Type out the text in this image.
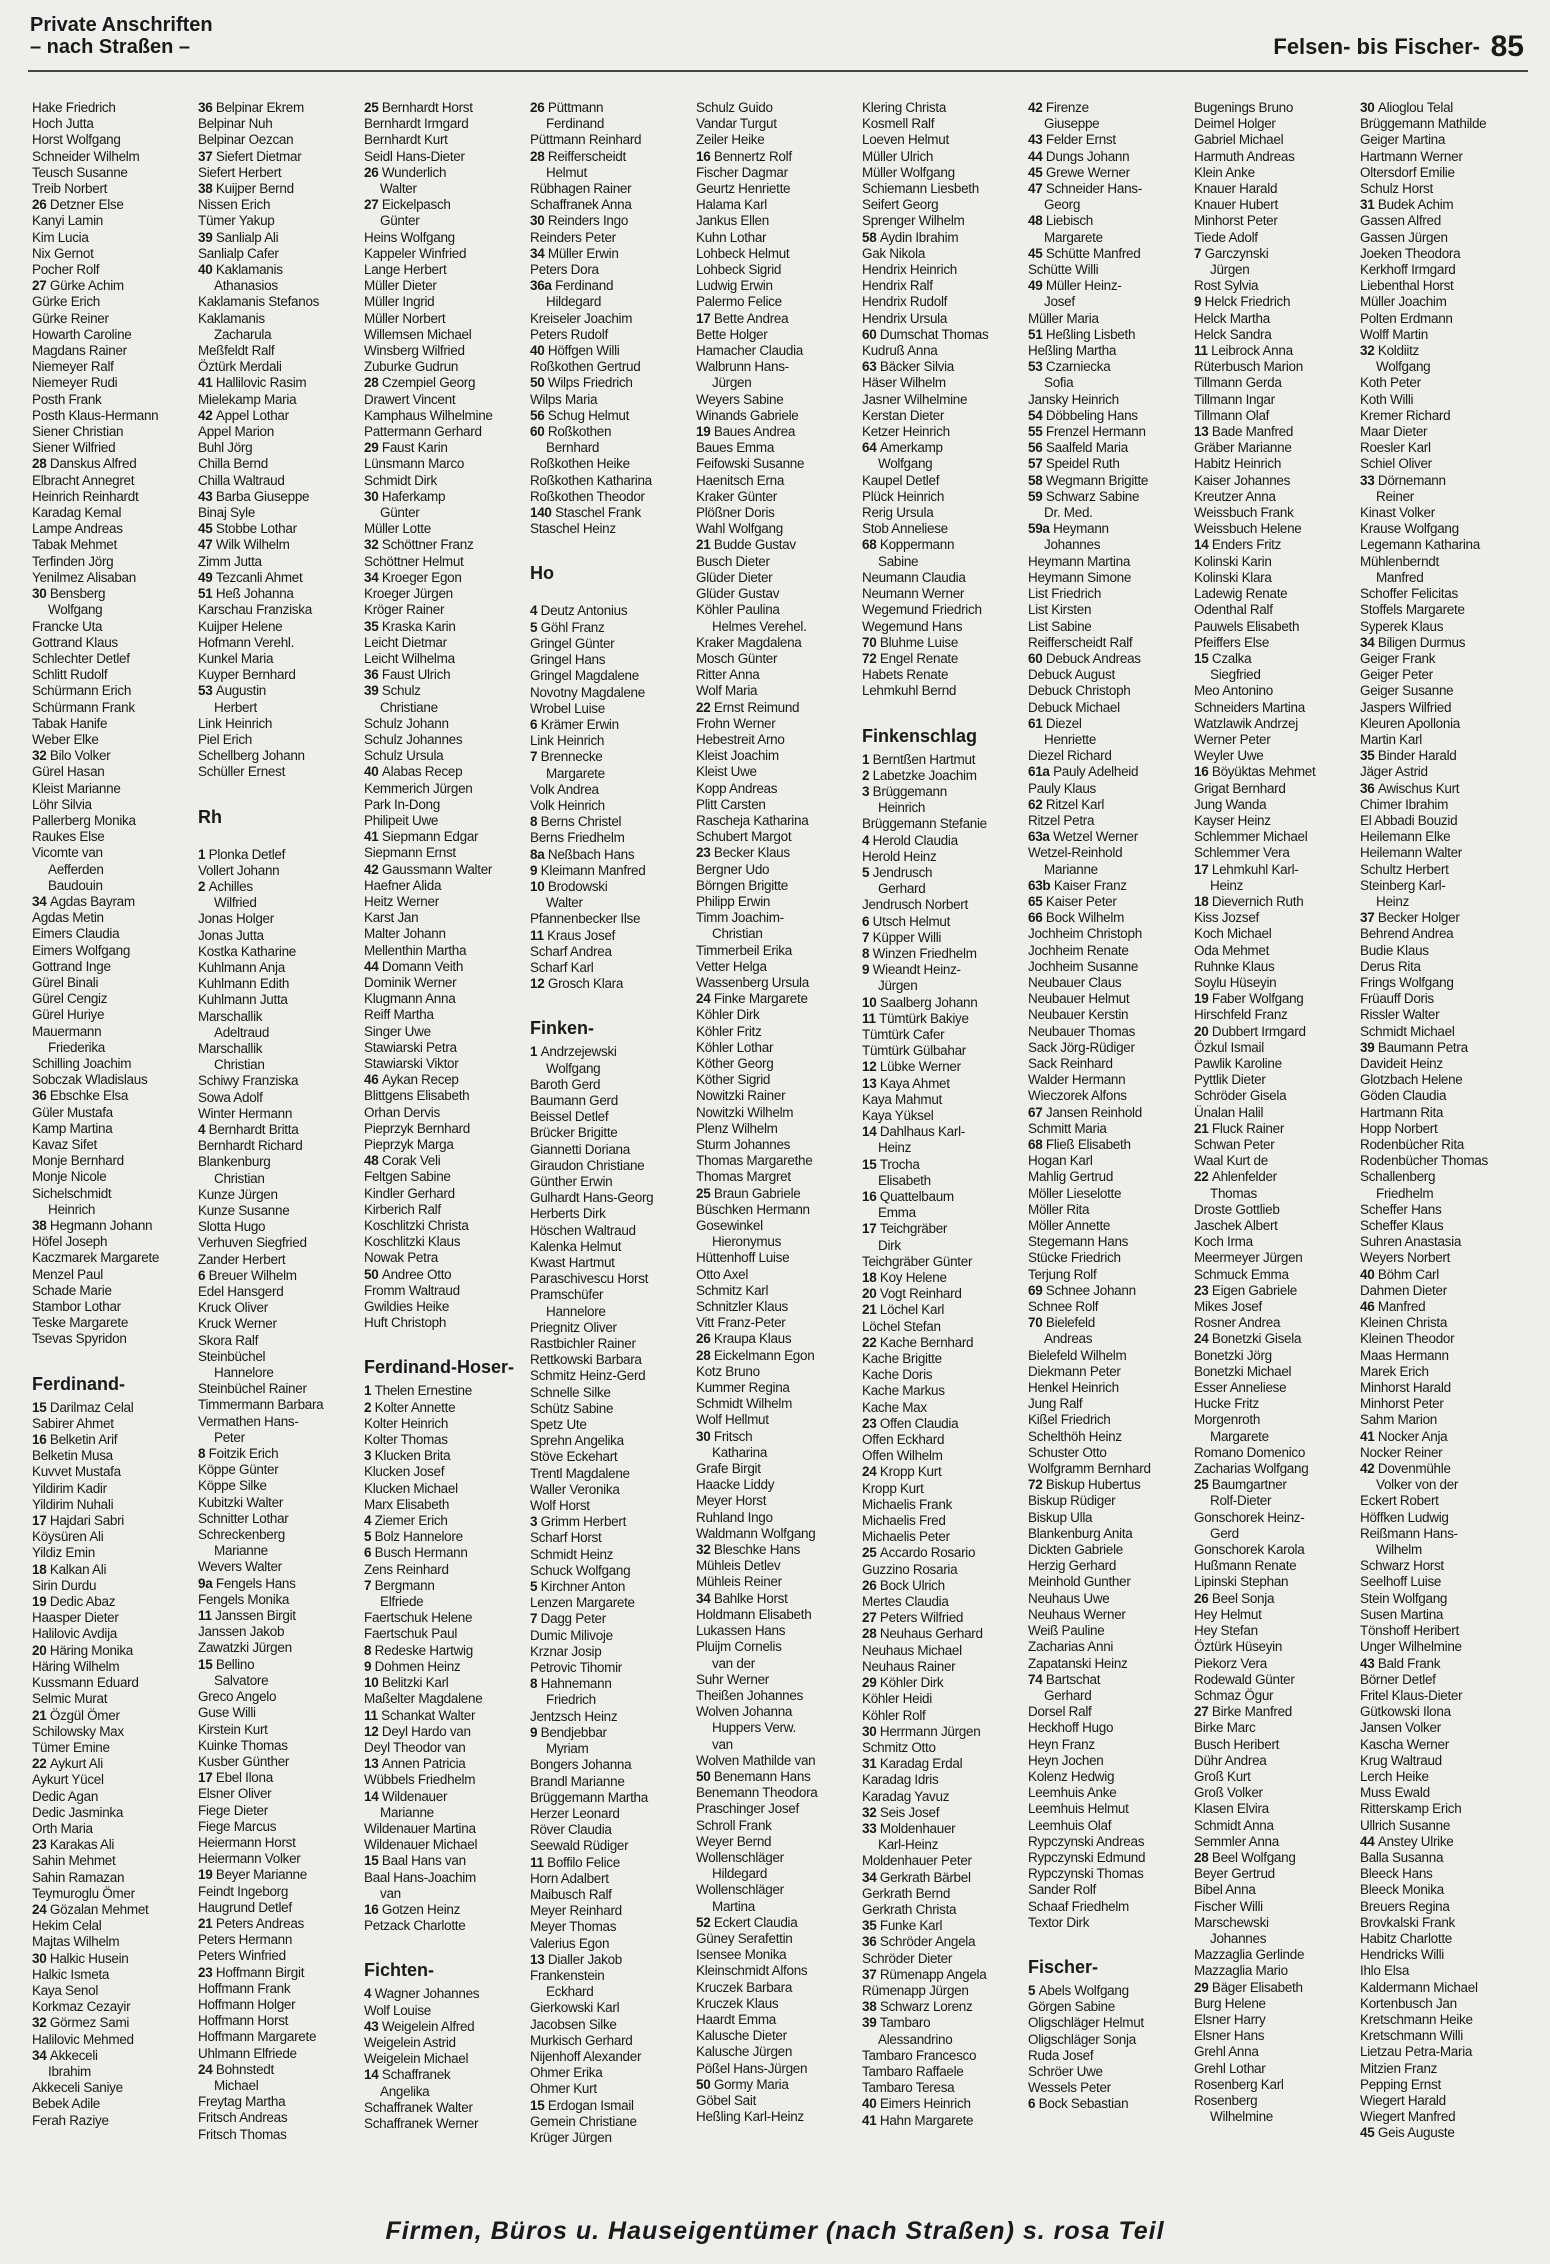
Private Anschriften
– nach Straßen –	Felsen- bis Fischer- 85
Hake Friedrich
Hoch Jutta
Horst Wolfgang
Schneider Wilhelm
Teusch Susanne
Treib Norbert
26 Detzner Else
Kanyi Lamin
Kim Lucia
Nix Gernot
Pocher Rolf
27 Gürke Achim
Gürke Erich
Gürke Reiner
Howarth Caroline
Magdans Rainer
Niemeyer Ralf
Niemeyer Rudi
Posth Frank
Posth Klaus-Hermann
Siener Christian
Siener Wilfried
28 Danskus Alfred
Elbracht Annegret
Heinrich Reinhardt
Karadag Kemal
Lampe Andreas
Tabak Mehmet
Terfinden Jörg
Yenilmez Alisaban
30 Bensberg
Wolfgang
Francke Uta
Gottrand Klaus
Schlechter Detlef
Schlitt Rudolf
Schürmann Erich
Schürmann Frank
Tabak Hanife
Weber Elke
32 Bilo Volker
Gürel Hasan
Kleist Marianne
Löhr Silvia
Pallerberg Monika
Raukes Else
Vicomte van
Aefferden
Baudouin
34 Agdas Bayram
Agdas Metin
Eimers Claudia
Eimers Wolfgang
Gottrand Inge
Gürel Binali
Gürel Cengiz
Gürel Huriye
Mauermann
Friederika
Schilling Joachim
Sobczak Wladislaus
36 Ebschke Elsa
Güler Mustafa
Kamp Martina
Kavaz Sifet
Monje Bernhard
Monje Nicole
Sichelschmidt
Heinrich
38 Hegmann Johann
Höfel Joseph
Kaczmarek Margarete
Menzel Paul
Schade Marie
Stambor Lothar
Teske Margarete
Tsevas Spyridon
Ferdinand-
15 Darilmaz Celal
Sabirer Ahmet
16 Belketin Arif
Belketin Musa
Kuvvet Mustafa
Yildirim Kadir
Yildirim Nuhali
17 Hajdari Sabri
Köysüren Ali
Yildiz Emin
18 Kalkan Ali
Sirin Durdu
19 Dedic Abaz
Haasper Dieter
Halilovic Avdija
20 Häring Monika
Häring Wilhelm
Kussmann Eduard
Selmic Murat
21 Özgül Ömer
Schilowsky Max
Tümer Emine
22 Aykurt Ali
Aykurt Yücel
Dedic Agan
Dedic Jasminka
Orth Maria
23 Karakas Ali
Sahin Mehmet
Sahin Ramazan
Teymuroglu Ömer
24 Gözalan Mehmet
Hekim Celal
Majtas Wilhelm
30 Halkic Husein
Halkic Ismeta
Kaya Senol
Korkmaz Cezayir
32 Görmez Sami
Halilovic Mehmed
34 Akkeceli
Ibrahim
Akkeceli Saniye
Bebek Adile
Ferah Raziye
36 Belpinar Ekrem
Belpinar Nuh
Belpinar Oezcan
37 Siefert Dietmar
Siefert Herbert
38 Kuijper Bernd
Nissen Erich
Tümer Yakup
39 Sanlialp Ali
Sanlialp Cafer
40 Kaklamanis
Athanasios
Kaklamanis Stefanos
Kaklamanis
Zacharula
Meßfeldt Ralf
Öztürk Merdali
41 Hallilovic Rasim
Mielekamp Maria
42 Appel Lothar
Appel Marion
Buhl Jörg
Chilla Bernd
Chilla Waltraud
43 Barba Giuseppe
Binaj Syle
45 Stobbe Lothar
47 Wilk Wilhelm
Zimm Jutta
49 Tezcanli Ahmet
51 Heß Johanna
Karschau Franziska
Kuijper Helene
Hofmann Verehl.
Kunkel Maria
Kuyper Bernhard
53 Augustin
Herbert
Link Heinrich
Piel Erich
Schellberg Johann
Schüller Ernest
Rh
1 Plonka Detlef
Vollert Johann
2 Achilles
Wilfried
Jonas Holger
Jonas Jutta
Kostka Katharine
Kuhlmann Anja
Kuhlmann Edith
Kuhlmann Jutta
Marschallik
Adeltraud
Marschallik
Christian
Schiwy Franziska
Sowa Adolf
Winter Hermann
4 Bernhardt Britta
Bernhardt Richard
Blankenburg
Christian
Kunze Jürgen
Kunze Susanne
Slotta Hugo
Verhuven Siegfried
Zander Herbert
6 Breuer Wilhelm
Edel Hansgerd
Kruck Oliver
Kruck Werner
Skora Ralf
Steinbüchel
Hannelore
Steinbüchel Rainer
Timmermann Barbara
Vermathen Hans-
Peter
8 Foitzik Erich
Köppe Günter
Köppe Silke
Kubitzki Walter
Schnitter Lothar
Schreckenberg
Marianne
Wevers Walter
9a Fengels Hans
Fengels Monika
11 Janssen Birgit
Janssen Jakob
Zawatzki Jürgen
15 Bellino
Salvatore
Greco Angelo
Guse Willi
Kirstein Kurt
Kuinke Thomas
Kusber Günther
17 Ebel Ilona
Elsner Oliver
Fiege Dieter
Fiege Marcus
Heiermann Horst
Heiermann Volker
19 Beyer Marianne
Feindt Ingeborg
Haugrund Detlef
21 Peters Andreas
Peters Hermann
Peters Winfried
23 Hoffmann Birgit
Hoffmann Frank
Hoffmann Holger
Hoffmann Horst
Hoffmann Margarete
Uhlmann Elfriede
24 Bohnstedt
Michael
Freytag Martha
Fritsch Andreas
Fritsch Thomas
25 Bernhardt Horst
Bernhardt Irmgard
Bernhardt Kurt
Seidl Hans-Dieter
26 Wunderlich
Walter
27 Eickelpasch
Günter
Heins Wolfgang
Kappeler Winfried
Lange Herbert
Müller Dieter
Müller Ingrid
Müller Norbert
Willemsen Michael
Winsberg Wilfried
Zuburke Gudrun
28 Czempiel Georg
Drawert Vincent
Kamphaus Wilhelmine
Pattermann Gerhard
29 Faust Karin
Lünsmann Marco
Schmidt Dirk
30 Haferkamp
Günter
Müller Lotte
32 Schöttner Franz
Schöttner Helmut
34 Kroeger Egon
Kroeger Jürgen
Kröger Rainer
35 Kraska Karin
Leicht Dietmar
Leicht Wilhelma
36 Faust Ulrich
39 Schulz
Christiane
Schulz Johann
Schulz Johannes
Schulz Ursula
40 Alabas Recep
Kemmerich Jürgen
Park In-Dong
Philipeit Uwe
41 Siepmann Edgar
Siepmann Ernst
42 Gaussmann Walter
Haefner Alida
Heitz Werner
Karst Jan
Malter Johann
Mellenthin Martha
44 Domann Veith
Dominik Werner
Klugmann Anna
Reiff Martha
Singer Uwe
Stawiarski Petra
Stawiarski Viktor
46 Aykan Recep
Blittgens Elisabeth
Orhan Dervis
Pieprzyk Bernhard
Pieprzyk Marga
48 Corak Veli
Feltgen Sabine
Kindler Gerhard
Kirberich Ralf
Koschlitzki Christa
Koschlitzki Klaus
Nowak Petra
50 Andree Otto
Fromm Waltraud
Gwildies Heike
Huft Christoph
Ferdinand-Hoser-
1 Thelen Ernestine
2 Kolter Annette
Kolter Heinrich
Kolter Thomas
3 Klucken Brita
Klucken Josef
Klucken Michael
Marx Elisabeth
4 Ziemer Erich
5 Bolz Hannelore
6 Busch Hermann
Zens Reinhard
7 Bergmann
Elfriede
Faertschuk Helene
Faertschuk Paul
8 Redeske Hartwig
9 Dohmen Heinz
10 Belitzki Karl
Maßelter Magdalene
11 Schankat Walter
12 Deyl Hardo van
Deyl Theodor van
13 Annen Patricia
Wübbels Friedhelm
14 Wildenauer
Marianne
Wildenauer Martina
Wildenauer Michael
15 Baal Hans van
Baal Hans-Joachim
van
16 Gotzen Heinz
Petzack Charlotte
Fichten-
4 Wagner Johannes
Wolf Louise
43 Weigelein Alfred
Weigelein Astrid
Weigelein Michael
14 Schaffranek
Angelika
Schaffranek Walter
Schaffranek Werner
26 Püttmann
Ferdinand
Püttmann Reinhard
28 Reifferscheidt
Helmut
Rübhagen Rainer
Schaffranek Anna
30 Reinders Ingo
Reinders Peter
34 Müller Erwin
Peters Dora
36a Ferdinand
Hildegard
Kreiseler Joachim
Peters Rudolf
40 Höffgen Willi
Roßkothen Gertrud
50 Wilps Friedrich
Wilps Maria
56 Schug Helmut
60 Roßkothen
Bernhard
Roßkothen Heike
Roßkothen Katharina
Roßkothen Theodor
140 Staschel Frank
Staschel Heinz
Ho
4 Deutz Antonius
5 Göhl Franz
Gringel Günter
Gringel Hans
Gringel Magdalene
Novotny Magdalene
Wrobel Luise
6 Krämer Erwin
Link Heinrich
7 Brennecke
Margarete
Volk Andrea
Volk Heinrich
8 Berns Christel
Berns Friedhelm
8a Neßbach Hans
9 Kleimann Manfred
10 Brodowski
Walter
Pfannenbecker Ilse
11 Kraus Josef
Scharf Andrea
Scharf Karl
12 Grosch Klara
Finken-
1 Andrzejewski
Wolfgang
Baroth Gerd
Baumann Gerd
Beissel Detlef
Brücker Brigitte
Giannetti Doriana
Giraudon Christiane
Günther Erwin
Gulhardt Hans-Georg
Herberts Dirk
Höschen Waltraud
Kalenka Helmut
Kwast Hartmut
Paraschivescu Horst
Pramschüfer
Hannelore
Priegnitz Oliver
Rastbichler Rainer
Rettkowski Barbara
Schmitz Heinz-Gerd
Schnelle Silke
Schütz Sabine
Spetz Ute
Sprehn Angelika
Stöve Eckehart
Trentl Magdalene
Waller Veronika
Wolf Horst
3 Grimm Herbert
Scharf Horst
Schmidt Heinz
Schuck Wolfgang
5 Kirchner Anton
Lenzen Margarete
7 Dagg Peter
Dumic Milivoje
Krznar Josip
Petrovic Tihomir
8 Hahnemann
Friedrich
Jentzsch Heinz
9 Bendjebbar
Myriam
Bongers Johanna
Brandl Marianne
Brüggemann Martha
Herzer Leonard
Röver Claudia
Seewald Rüdiger
11 Boffilo Felice
Horn Adalbert
Maibusch Ralf
Meyer Reinhard
Meyer Thomas
Valerius Egon
13 Dialler Jakob
Frankenstein
Eckhard
Gierkowski Karl
Jacobsen Silke
Murkisch Gerhard
Nijenhoff Alexander
Ohmer Erika
Ohmer Kurt
15 Erdogan Ismail
Gemein Christiane
Krüger Jürgen
Schulz Guido
Vandar Turgut
Zeiler Heike
16 Bennertz Rolf
Fischer Dagmar
Geurtz Henriette
Halama Karl
Jankus Ellen
Kuhn Lothar
Lohbeck Helmut
Lohbeck Sigrid
Ludwig Erwin
Palermo Felice
17 Bette Andrea
Bette Holger
Hamacher Claudia
Walbrunn Hans-
Jürgen
Weyers Sabine
Winands Gabriele
19 Baues Andrea
Baues Emma
Feifowski Susanne
Haenitsch Erna
Kraker Günter
Plößner Doris
Wahl Wolfgang
21 Budde Gustav
Busch Dieter
Glüder Dieter
Glüder Gustav
Köhler Paulina
Helmes Verehel.
Kraker Magdalena
Mosch Günter
Ritter Anna
Wolf Maria
22 Ernst Reimund
Frohn Werner
Hebestreit Arno
Kleist Joachim
Kleist Uwe
Kopp Andreas
Plitt Carsten
Rascheja Katharina
Schubert Margot
23 Becker Klaus
Bergner Udo
Börngen Brigitte
Philipp Erwin
Timm Joachim-
Christian
Timmerbeil Erika
Vetter Helga
Wassenberg Ursula
24 Finke Margarete
Köhler Dirk
Köhler Fritz
Köhler Lothar
Köther Georg
Köther Sigrid
Nowitzki Rainer
Nowitzki Wilhelm
Plenz Wilhelm
Sturm Johannes
Thomas Margarethe
Thomas Margret
25 Braun Gabriele
Büschken Hermann
Gosewinkel
Hieronymus
Hüttenhoff Luise
Otto Axel
Schmitz Karl
Schnitzler Klaus
Vitt Franz-Peter
26 Kraupa Klaus
28 Eickelmann Egon
Kotz Bruno
Kummer Regina
Schmidt Wilhelm
Wolf Hellmut
30 Fritsch
Katharina
Grafe Birgit
Haacke Liddy
Meyer Horst
Ruhland Ingo
Waldmann Wolfgang
32 Bleschke Hans
Mühleis Detlev
Mühleis Reiner
34 Bahlke Horst
Holdmann Elisabeth
Lukassen Hans
Pluijm Cornelis
van der
Suhr Werner
Theißen Johannes
Wolven Johanna
Huppers Verw.
van
Wolven Mathilde van
50 Benemann Hans
Benemann Theodora
Praschinger Josef
Schroll Frank
Weyer Bernd
Wollenschläger
Hildegard
Wollenschläger
Martina
52 Eckert Claudia
Güney Serafettin
Isensee Monika
Kleinschmidt Alfons
Kruczek Barbara
Kruczek Klaus
Haardt Emma
Kalusche Dieter
Kalusche Jürgen
Pößel Hans-Jürgen
50 Gormy Maria
Göbel Sait
Heßling Karl-Heinz
Klering Christa
Kosmell Ralf
Loeven Helmut
Müller Ulrich
Müller Wolfgang
Schiemann Liesbeth
Seifert Georg
Sprenger Wilhelm
58 Aydin Ibrahim
Gak Nikola
Hendrix Heinrich
Hendrix Ralf
Hendrix Rudolf
Hendrix Ursula
60 Dumschat Thomas
Kudruß Anna
63 Bäcker Silvia
Häser Wilhelm
Jasner Wilhelmine
Kerstan Dieter
Ketzer Heinrich
64 Amerkamp
Wolfgang
Kaupel Detlef
Plück Heinrich
Rerig Ursula
Stob Anneliese
68 Koppermann
Sabine
Neumann Claudia
Neumann Werner
Wegemund Friedrich
Wegemund Hans
70 Bluhme Luise
72 Engel Renate
Habets Renate
Lehmkuhl Bernd
Finkenschlag
1 Berntßen Hartmut
2 Labetzke Joachim
3 Brüggemann
Heinrich
Brüggemann Stefanie
4 Herold Claudia
Herold Heinz
5 Jendrusch
Gerhard
Jendrusch Norbert
6 Utsch Helmut
7 Küpper Willi
8 Winzen Friedhelm
9 Wieandt Heinz-
Jürgen
10 Saalberg Johann
11 Tümtürk Bakiye
Tümtürk Cafer
Tümtürk Gülbahar
12 Lübke Werner
13 Kaya Ahmet
Kaya Mahmut
Kaya Yüksel
14 Dahlhaus Karl-
Heinz
15 Trocha
Elisabeth
16 Quattelbaum
Emma
17 Teichgräber
Dirk
Teichgräber Günter
18 Koy Helene
20 Vogt Reinhard
21 Löchel Karl
Löchel Stefan
22 Kache Bernhard
Kache Brigitte
Kache Doris
Kache Markus
Kache Max
23 Offen Claudia
Offen Eckhard
Offen Wilhelm
24 Kropp Kurt
Kropp Kurt
Michaelis Frank
Michaelis Fred
Michaelis Peter
25 Accardo Rosario
Guzzino Rosaria
26 Bock Ulrich
Mertes Claudia
27 Peters Wilfried
28 Neuhaus Gerhard
Neuhaus Michael
Neuhaus Rainer
29 Köhler Dirk
Köhler Heidi
Köhler Rolf
30 Herrmann Jürgen
Schmitz Otto
31 Karadag Erdal
Karadag Idris
Karadag Yavuz
32 Seis Josef
33 Moldenhauer
Karl-Heinz
Moldenhauer Peter
34 Gerkrath Bärbel
Gerkrath Bernd
Gerkrath Christa
35 Funke Karl
36 Schröder Angela
Schröder Dieter
37 Rümenapp Angela
Rümenapp Jürgen
38 Schwarz Lorenz
39 Tambaro
Alessandrino
Tambaro Francesco
Tambaro Raffaele
Tambaro Teresa
40 Eimers Heinrich
41 Hahn Margarete
42 Firenze
Giuseppe
43 Felder Ernst
44 Dungs Johann
45 Grewe Werner
47 Schneider Hans-
Georg
48 Liebisch
Margarete
45 Schütte Manfred
Schütte Willi
49 Müller Heinz-
Josef
Müller Maria
51 Heßling Lisbeth
Heßling Martha
53 Czarniecka
Sofia
Jansky Heinrich
54 Döbbeling Hans
55 Frenzel Hermann
56 Saalfeld Maria
57 Speidel Ruth
58 Wegmann Brigitte
59 Schwarz Sabine
Dr. Med.
59a Heymann
Johannes
Heymann Martina
Heymann Simone
List Friedrich
List Kirsten
List Sabine
Reifferscheidt Ralf
60 Debuck Andreas
Debuck August
Debuck Christoph
Debuck Michael
61 Diezel
Henriette
Diezel Richard
61a Pauly Adelheid
Pauly Klaus
62 Ritzel Karl
Ritzel Petra
63a Wetzel Werner
Wetzel-Reinhold
Marianne
63b Kaiser Franz
65 Kaiser Peter
66 Bock Wilhelm
Jochheim Christoph
Jochheim Renate
Jochheim Susanne
Neubauer Claus
Neubauer Helmut
Neubauer Kerstin
Neubauer Thomas
Sack Jörg-Rüdiger
Sack Reinhard
Walder Hermann
Wieczorek Alfons
67 Jansen Reinhold
Schmitt Maria
68 Fließ Elisabeth
Hogan Karl
Mahlig Gertrud
Möller Lieselotte
Möller Rita
Möller Annette
Stegemann Hans
Stücke Friedrich
Terjung Rolf
69 Schnee Johann
Schnee Rolf
70 Bielefeld
Andreas
Bielefeld Wilhelm
Diekmann Peter
Henkel Heinrich
Jung Ralf
Kißel Friedrich
Schelthöh Heinz
Schuster Otto
Wolfgramm Bernhard
72 Biskup Hubertus
Biskup Rüdiger
Biskup Ulla
Blankenburg Anita
Dickten Gabriele
Herzig Gerhard
Meinhold Gunther
Neuhaus Uwe
Neuhaus Werner
Weiß Pauline
Zacharias Anni
Zapatanski Heinz
74 Bartschat
Gerhard
Dorsel Ralf
Heckhoff Hugo
Heyn Franz
Heyn Jochen
Kolenz Hedwig
Leemhuis Anke
Leemhuis Helmut
Leemhuis Olaf
Rypczynski Andreas
Rypczynski Edmund
Rypczynski Thomas
Sander Rolf
Schaaf Friedhelm
Textor Dirk
Fischer-
5 Abels Wolfgang
Görgen Sabine
Oligschläger Helmut
Oligschläger Sonja
Ruda Josef
Schröer Uwe
Wessels Peter
6 Bock Sebastian
Bugenings Bruno
Deimel Holger
Gabriel Michael
Harmuth Andreas
Klein Anke
Knauer Harald
Knauer Hubert
Minhorst Peter
Tiede Adolf
7 Garczynski
Jürgen
Rost Sylvia
9 Helck Friedrich
Helck Martha
Helck Sandra
11 Leibrock Anna
Rüterbusch Marion
Tillmann Gerda
Tillmann Ingar
Tillmann Olaf
13 Bade Manfred
Gräber Marianne
Habitz Heinrich
Kaiser Johannes
Kreutzer Anna
Weissbuch Frank
Weissbuch Helene
14 Enders Fritz
Kolinski Karin
Kolinski Klara
Ladewig Renate
Odenthal Ralf
Pauwels Elisabeth
Pfeiffers Else
15 Czalka
Siegfried
Meo Antonino
Schneiders Martina
Watzlawik Andrzej
Werner Peter
Weyler Uwe
16 Böyüktas Mehmet
Grigat Bernhard
Jung Wanda
Kayser Heinz
Schlemmer Michael
Schlemmer Vera
17 Lehmkuhl Karl-
Heinz
18 Dievernich Ruth
Kiss Jozsef
Koch Michael
Oda Mehmet
Ruhnke Klaus
Soylu Hüseyin
19 Faber Wolfgang
Hirschfeld Franz
20 Dubbert Irmgard
Özkul Ismail
Pawlik Karoline
Pyttlik Dieter
Schröder Gisela
Ünalan Halil
21 Fluck Rainer
Schwan Peter
Waal Kurt de
22 Ahlenfelder
Thomas
Droste Gottlieb
Jaschek Albert
Koch Irma
Meermeyer Jürgen
Schmuck Emma
23 Eigen Gabriele
Mikes Josef
Rosner Andrea
24 Bonetzki Gisela
Bonetzki Jörg
Bonetzki Michael
Esser Anneliese
Hucke Fritz
Morgenroth
Margarete
Romano Domenico
Zacharias Wolfgang
25 Baumgartner
Rolf-Dieter
Gonschorek Heinz-
Gerd
Gonschorek Karola
Hußmann Renate
Lipinski Stephan
26 Beel Sonja
Hey Helmut
Hey Stefan
Öztürk Hüseyin
Piekorz Vera
Rodewald Günter
Schmaz Ögur
27 Birke Manfred
Birke Marc
Busch Heribert
Dühr Andrea
Groß Kurt
Groß Volker
Klasen Elvira
Schmidt Anna
Semmler Anna
28 Beel Wolfgang
Beyer Gertrud
Bibel Anna
Fischer Willi
Marschewski
Johannes
Mazzaglia Gerlinde
Mazzaglia Mario
29 Bäger Elisabeth
Burg Helene
Elsner Harry
Elsner Hans
Grehl Anna
Grehl Lothar
Rosenberg Karl
Rosenberg
Wilhelmine
30 Alioglou Telal
Brüggemann Mathilde
Geiger Martina
Hartmann Werner
Oltersdorf Emilie
Schulz Horst
31 Budek Achim
Gassen Alfred
Gassen Jürgen
Joeken Theodora
Kerkhoff Irmgard
Liebenthal Horst
Müller Joachim
Polten Erdmann
Wolff Martin
32 Koldiitz
Wolfgang
Koth Peter
Koth Willi
Kremer Richard
Maar Dieter
Roesler Karl
Schiel Oliver
33 Dörnemann
Reiner
Kinast Volker
Krause Wolfgang
Legemann Katharina
Mühlenberndt
Manfred
Schoffer Felicitas
Stoffels Margarete
Syperek Klaus
34 Biligen Durmus
Geiger Frank
Geiger Peter
Geiger Susanne
Jaspers Wilfried
Kleuren Apollonia
Martin Karl
35 Binder Harald
Jäger Astrid
36 Awischus Kurt
Chimer Ibrahim
El Abbadi Bouzid
Heilemann Elke
Heilemann Walter
Schultz Herbert
Steinberg Karl-
Heinz
37 Becker Holger
Behrend Andrea
Budie Klaus
Derus Rita
Frings Wolfgang
Früauff Doris
Rissler Walter
Schmidt Michael
39 Baumann Petra
Davideit Heinz
Glotzbach Helene
Göden Claudia
Hartmann Rita
Hopp Norbert
Rodenbücher Rita
Rodenbücher Thomas
Schallenberg
Friedhelm
Scheffer Hans
Scheffer Klaus
Suhren Anastasia
Weyers Norbert
40 Böhm Carl
Dahmen Dieter
46 Manfred
Kleinen Christa
Kleinen Theodor
Maas Hermann
Marek Erich
Minhorst Harald
Minhorst Peter
Sahm Marion
41 Nocker Anja
Nocker Reiner
42 Dovenmühle
Volker von der
Eckert Robert
Höffken Ludwig
Reißmann Hans-
Wilhelm
Schwarz Horst
Seelhoff Luise
Stein Wolfgang
Susen Martina
Tönshoff Heribert
Unger Wilhelmine
43 Bald Frank
Börner Detlef
Fritel Klaus-Dieter
Gütkowski Ilona
Jansen Volker
Kascha Werner
Krug Waltraud
Lerch Heike
Muss Ewald
Ritterskamp Erich
Ullrich Susanne
44 Anstey Ulrike
Balla Susanna
Bleeck Hans
Bleeck Monika
Breuers Regina
Brovkalski Frank
Habitz Charlotte
Hendricks Willi
Ihlo Elsa
Kaldermann Michael
Kortenbusch Jan
Kretschmann Heike
Kretschmann Willi
Lietzau Petra-Maria
Mitzien Franz
Pepping Ernst
Wiegert Harald
Wiegert Manfred
45 Geis Auguste
Firmen, Büros u. Hauseigentümer (nach Straßen) s. rosa Teil
